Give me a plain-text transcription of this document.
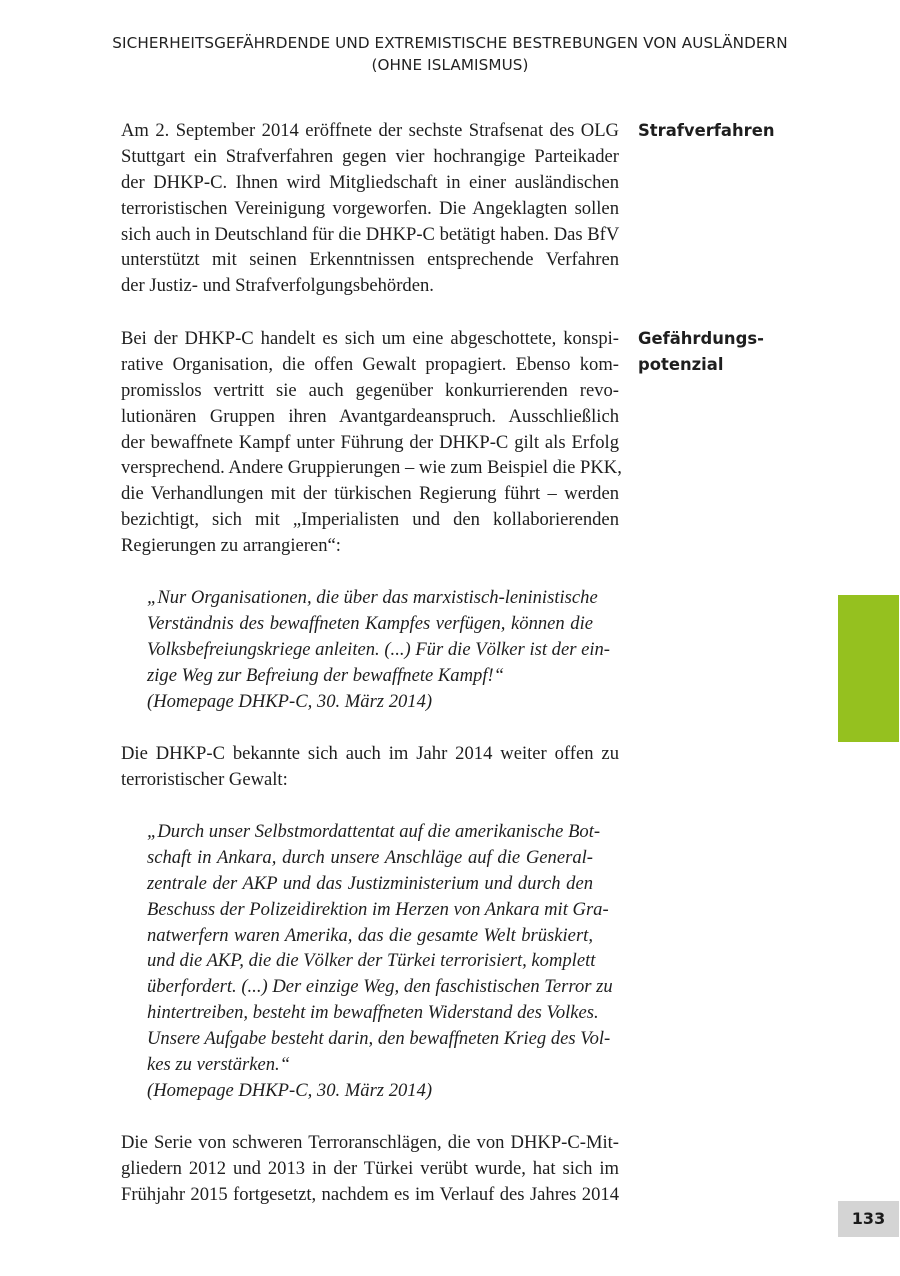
SICHERHEITSGEFÄHRDENDE UND EXTREMISTISCHE BESTREBUNGEN VON AUSLÄNDERN
(OHNE ISLAMISMUS)
Am 2. September 2014 eröffnete der sechste Strafsenat des OLG
Stuttgart ein Strafverfahren gegen vier hochrangige Parteikader
der DHKP-C. Ihnen wird Mitgliedschaft in einer ausländischen
terroristischen Vereinigung vorgeworfen. Die Angeklagten sollen
sich auch in Deutschland für die DHKP-C betätigt haben. Das BfV
unterstützt mit seinen Erkenntnissen entsprechende Verfahren
der Justiz- und Strafverfolgungsbehörden.
Strafverfahren
Bei der DHKP-C handelt es sich um eine abgeschottete, konspi-
rative Organisation, die offen Gewalt propagiert. Ebenso kom-
promisslos vertritt sie auch gegenüber konkurrierenden revo-
lutionären Gruppen ihren Avantgardeanspruch. Ausschließlich
der bewaffnete Kampf unter Führung der DHKP-C gilt als Erfolg
versprechend. Andere Gruppierungen – wie zum Beispiel die PKK,
die Verhandlungen mit der türkischen Regierung führt – werden
bezichtigt, sich mit „Imperialisten und den kollaborierenden
Regierungen zu arrangieren“:
Gefährdungs-
potenzial
„Nur Organisationen, die über das marxistisch-leninistische
Verständnis des bewaffneten Kampfes verfügen, können die
Volksbefreiungskriege anleiten. (...) Für die Völker ist der ein-
zige Weg zur Befreiung der bewaffnete Kampf!“
(Homepage DHKP-C, 30. März 2014)
Die DHKP-C bekannte sich auch im Jahr 2014 weiter offen zu
terroristischer Gewalt:
„Durch unser Selbstmordattentat auf die amerikanische Bot-
schaft in Ankara, durch unsere Anschläge auf die General-
zentrale der AKP und das Justizministerium und durch den
Beschuss der Polizeidirektion im Herzen von Ankara mit Gra-
natwerfern waren Amerika, das die gesamte Welt brüskiert,
und die AKP, die die Völker der Türkei terrorisiert, komplett
überfordert. (...) Der einzige Weg, den faschistischen Terror zu
hintertreiben, besteht im bewaffneten Widerstand des Volkes.
Unsere Aufgabe besteht darin, den bewaffneten Krieg des Vol-
kes zu verstärken.“
(Homepage DHKP-C, 30. März 2014)
Die Serie von schweren Terroranschlägen, die von DHKP-C-Mit-
gliedern 2012 und 2013 in der Türkei verübt wurde, hat sich im
Frühjahr 2015 fortgesetzt, nachdem es im Verlauf des Jahres 2014
133
